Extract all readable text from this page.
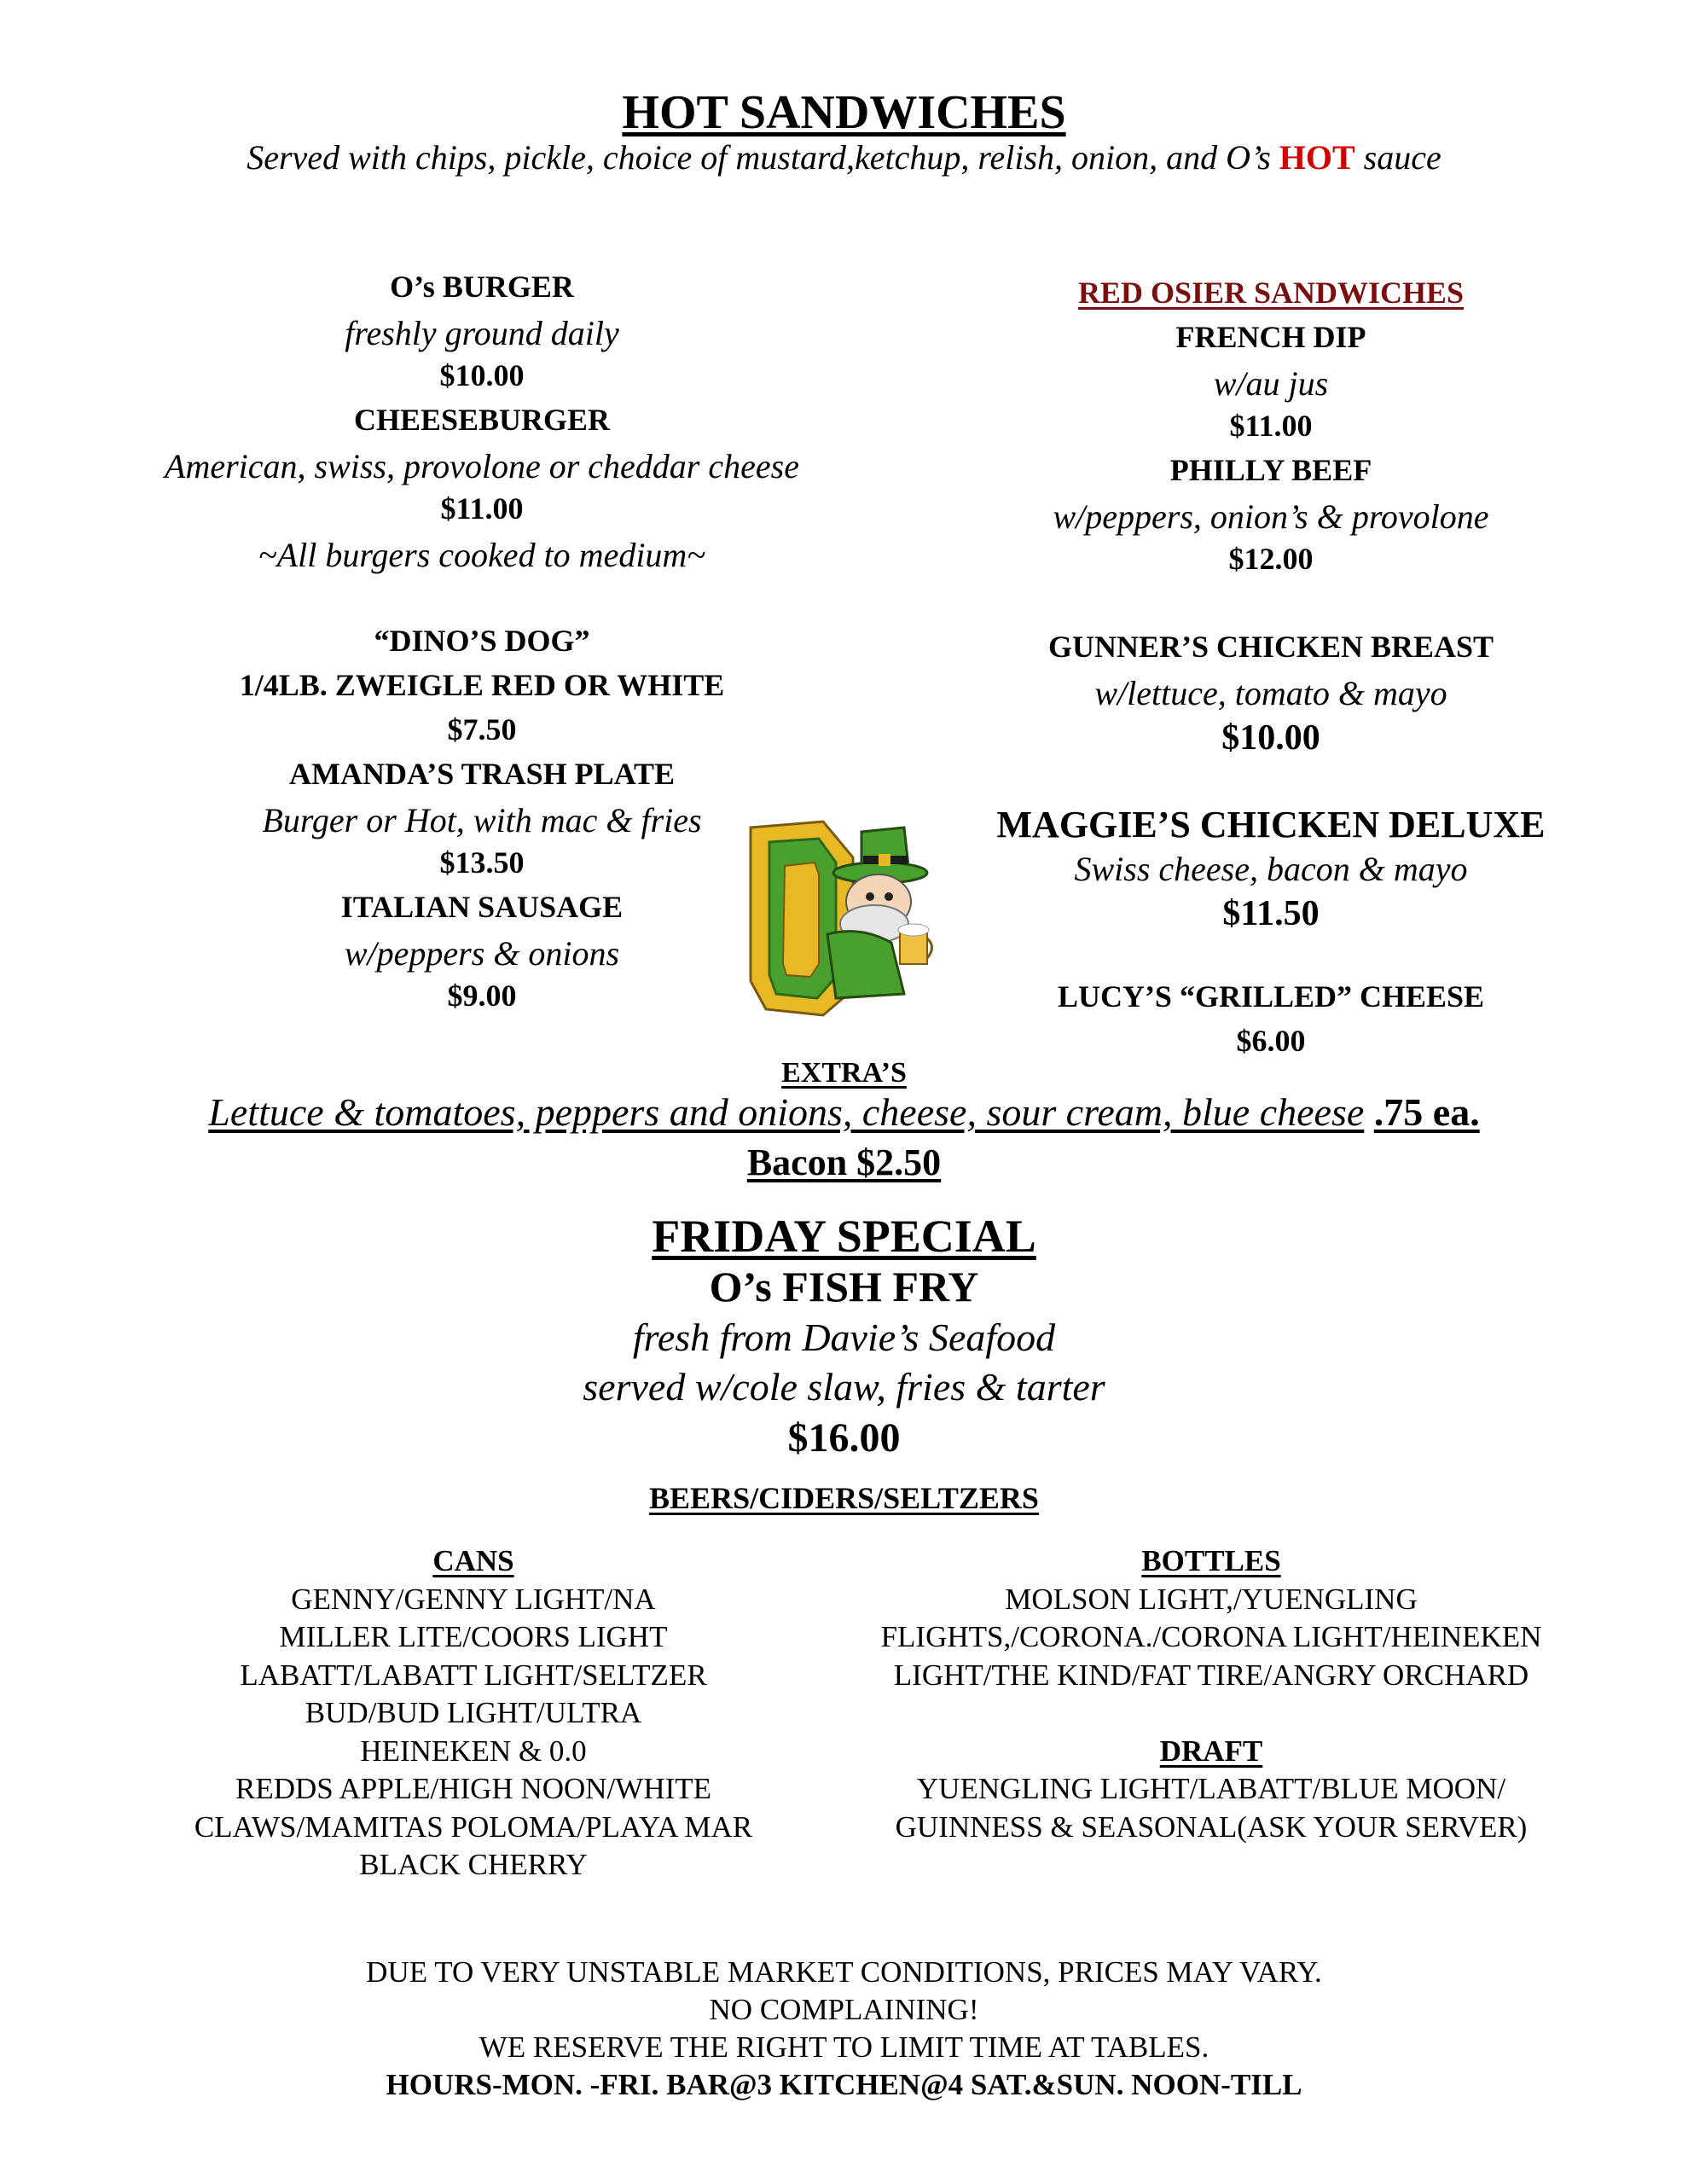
HOT SANDWICHES
Served with chips, pickle, choice of mustard,ketchup, relish, onion, and O’s HOT sauce
O’s BURGER
freshly ground daily
$10.00
CHEESEBURGER
American, swiss, provolone or cheddar cheese
$11.00
~All burgers cooked to medium~
“DINO’S DOG”
1/4LB. ZWEIGLE RED OR WHITE
$7.50
AMANDA’S TRASH PLATE
Burger or Hot, with mac & fries
$13.50
ITALIAN SAUSAGE
w/peppers & onions
$9.00
RED OSIER SANDWICHES
FRENCH DIP
w/au jus
$11.00
PHILLY BEEF
w/peppers, onion’s & provolone
$12.00
GUNNER’S CHICKEN BREAST
w/lettuce, tomato & mayo
$10.00
MAGGIE’S CHICKEN DELUXE
Swiss cheese, bacon & mayo
$11.50
LUCY’S “GRILLED” CHEESE
$6.00
EXTRA’S
Lettuce & tomatoes, peppers and onions, cheese, sour cream, blue cheese .75 ea.
Bacon $2.50
FRIDAY SPECIAL
O’s FISH FRY
fresh from Davie’s Seafood
served w/cole slaw, fries & tarter
$16.00
BEERS/CIDERS/SELTZERS
CANS
GENNY/GENNY LIGHT/NA
MILLER LITE/COORS LIGHT
LABATT/LABATT LIGHT/SELTZER
BUD/BUD LIGHT/ULTRA
HEINEKEN & 0.0
REDDS APPLE/HIGH NOON/WHITE
CLAWS/MAMITAS POLOMA/PLAYA MAR
BLACK CHERRY
BOTTLES
MOLSON LIGHT,/YUENGLING
FLIGHTS,/CORONA./CORONA LIGHT/HEINEKEN
LIGHT/THE KIND/FAT TIRE/ANGRY ORCHARD
DRAFT
YUENGLING LIGHT/LABATT/BLUE MOON/
GUINNESS & SEASONAL(ASK YOUR SERVER)
DUE TO VERY UNSTABLE MARKET CONDITIONS, PRICES MAY VARY.
NO COMPLAINING!
WE RESERVE THE RIGHT TO LIMIT TIME AT TABLES.
HOURS-MON. -FRI. BAR@3 KITCHEN@4 SAT.&SUN. NOON-TILL
